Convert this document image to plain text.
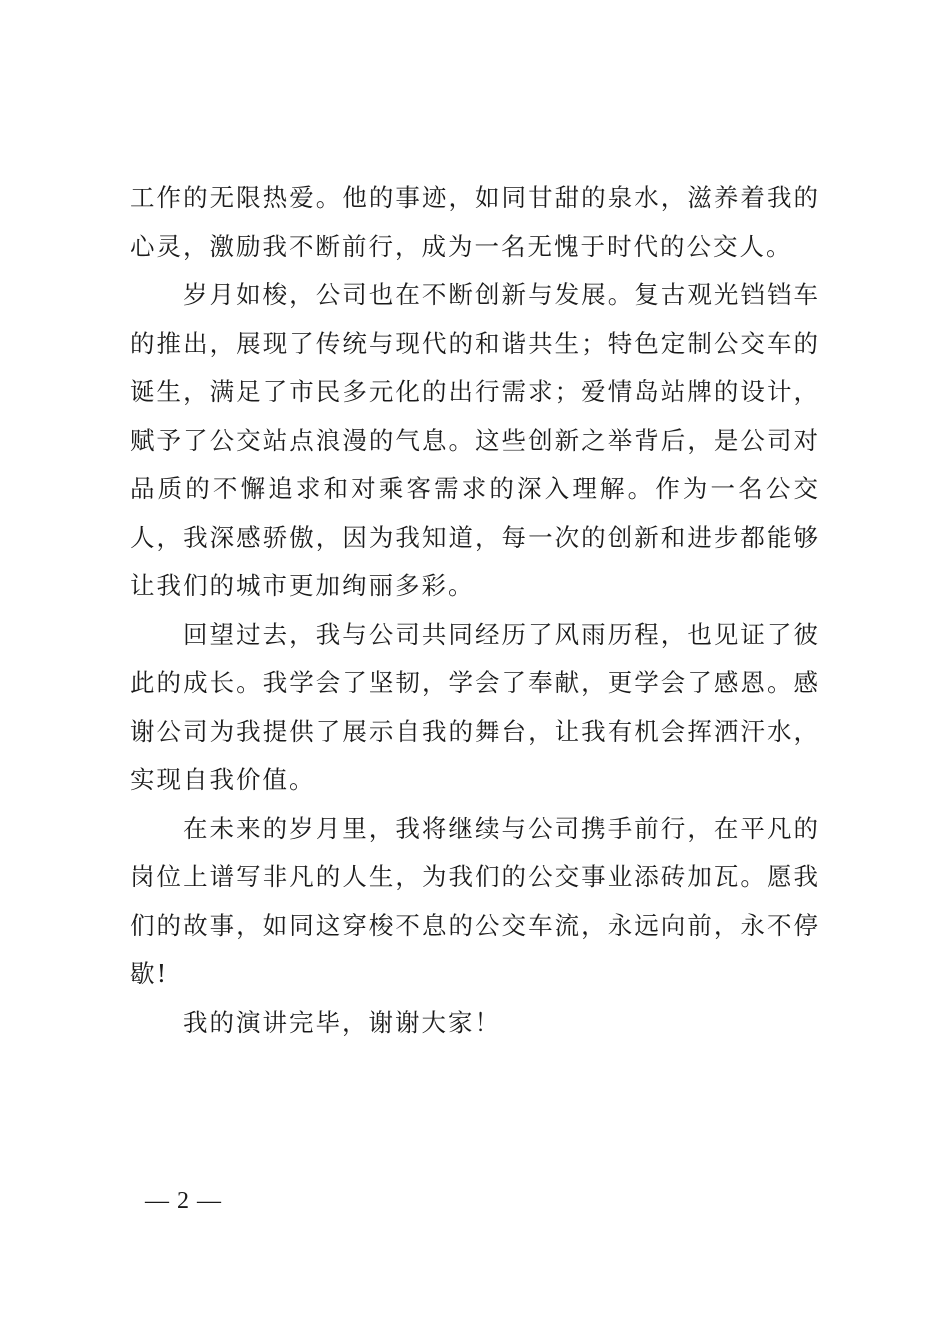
工作的无限热爱。他的事迹，如同甘甜的泉水，滋养着我的心灵，激励我不断前行，成为一名无愧于时代的公交人。

岁月如梭，公司也在不断创新与发展。复古观光铛铛车的推出，展现了传统与现代的和谐共生；特色定制公交车的诞生，满足了市民多元化的出行需求；爱情岛站牌的设计，赋予了公交站点浪漫的气息。这些创新之举背后，是公司对品质的不懈追求和对乘客需求的深入理解。作为一名公交人，我深感骄傲，因为我知道，每一次的创新和进步都能够让我们的城市更加绚丽多彩。

回望过去，我与公司共同经历了风雨历程，也见证了彼此的成长。我学会了坚韧，学会了奉献，更学会了感恩。感谢公司为我提供了展示自我的舞台，让我有机会挥洒汗水，实现自我价值。

在未来的岁月里，我将继续与公司携手前行，在平凡的岗位上谱写非凡的人生，为我们的公交事业添砖加瓦。愿我们的故事，如同这穿梭不息的公交车流，永远向前，永不停歇!

我的演讲完毕，谢谢大家！

— 2 —
